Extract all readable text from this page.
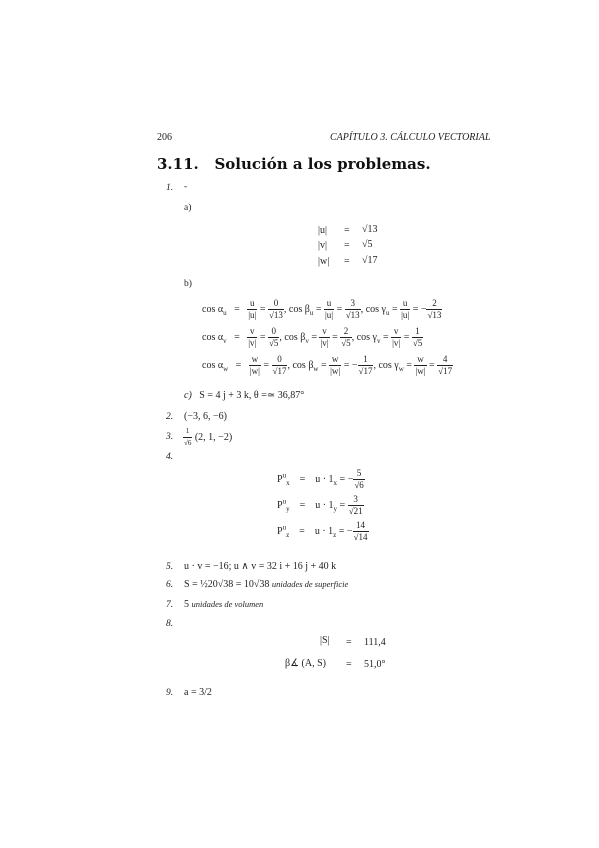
206	CAPÍTULO 3. CÁLCULO VECTORIAL
3.11. Solución a los problemas.
1. -
a)
|u| = √13
|v| = √5
|w| = √17
b)
$\cos \alpha_u = \frac{u}{|u|} = \frac{0}{√13}$ , $\cos \beta_u = \frac{u}{|u|} = \frac{3}{√13}$ , $\cos \gamma_u = \frac{u}{|u|}$ = − $\frac{2}{√13}$
$\cos \alpha_v = \frac{v}{|v|} = \frac{0}{√5}$ , $\cos \beta_v = \frac{v}{|v|} = \frac{2}{√5}$ , $\cos \gamma_v = \frac{v}{|v|} = \frac{1}{√5}$
$\cos \alpha_w = \frac{w}{|w|} = \frac{0}{√17}$ , $\cos \beta_w = \frac{w}{|w|}$ = − $\frac{1}{√17}$ , $\cos \gamma_w = \frac{w}{|w|} = \frac{4}{√17}$
c) S = 4 j + 3 k, θ =≃ 36,87°
2. (−3, 6, −6)
3. $\frac{1}{√6} (2$, 1, −2)
4.
$P^u_x = u \cdot 1_x$ = − $\frac{5}{√6}$
$P^u_y = u \cdot 1_y = \frac{3}{√21}$
$P^u_z = u \cdot 1_z$ = − $\frac{14}{√14}$
5. u · v = −16; u ∧ v = 32 i + 16 j + 40 k
6. S = ½20√38 = 10√38 unidades de superficie
7. 5 unidades de volumen
8.
|S| = 111,4
β∡ (A, S) = 51,0°
9. a = 3/2
